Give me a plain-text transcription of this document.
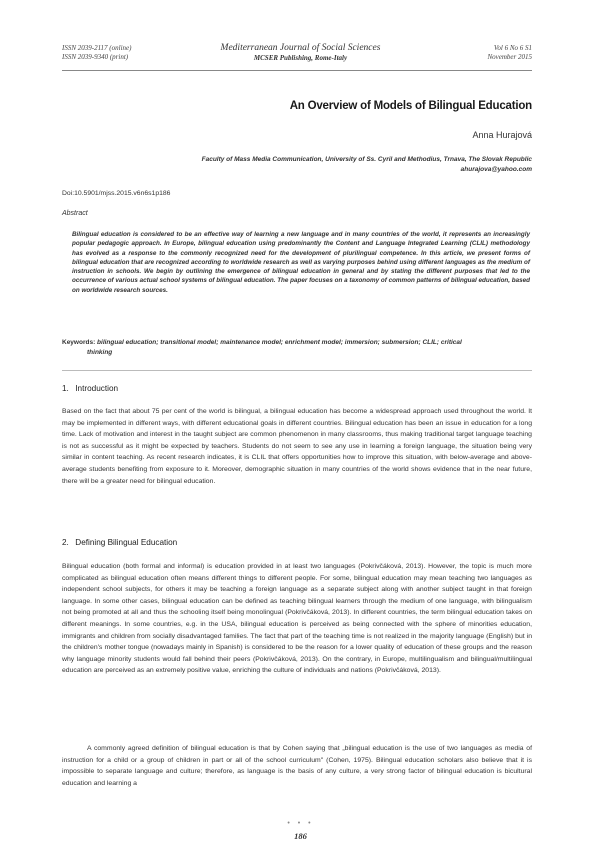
ISSN 2039-2117 (online)
ISSN 2039-9340 (print)
Mediterranean Journal of Social Sciences
MCSER Publishing, Rome-Italy
Vol 6 No 6 S1
November 2015
An Overview of Models of Bilingual Education
Anna Hurajová
Faculty of Mass Media Communication, University of Ss. Cyril and Methodius, Trnava, The Slovak Republic
ahurajova@yahoo.com
Doi:10.5901/mjss.2015.v6n6s1p186
Abstract
Bilingual education is considered to be an effective way of learning a new language and in many countries of the world, it represents an increasingly popular pedagogic approach. In Europe, bilingual education using predominantly the Content and Language Integrated Learning (CLIL) methodology has evolved as a response to the commonly recognized need for the development of plurilingual competence. In this article, we present forms of bilingual education that are recognized according to worldwide research as well as varying purposes behind using different languages as the medium of instruction in schools. We begin by outlining the emergence of bilingual education in general and by stating the different purposes that led to the occurrence of various actual school systems of bilingual education. The paper focuses on a taxonomy of common patterns of bilingual education, based on worldwide research sources.
Keywords: bilingual education; transitional model; maintenance model; enrichment model; immersion; submersion; CLIL; critical
thinking
1. Introduction
Based on the fact that about 75 per cent of the world is bilingual, a bilingual education has become a widespread approach used throughout the world. It may be implemented in different ways, with different educational goals in different countries. Bilingual education has been an issue in education for a long time. Lack of motivation and interest in the taught subject are common phenomenon in many classrooms, thus making traditional target language teaching is not as successful as it might be expected by teachers. Students do not seem to see any use in learning a foreign language, the situation being very similar in content teaching. As recent research indicates, it is CLIL that offers opportunities how to improve this situation, with below-average and above-average students benefiting from exposure to it. Moreover, demographic situation in many countries of the world shows evidence that in the near future, there will be a greater need for bilingual education.
2. Defining Bilingual Education
Bilingual education (both formal and informal) is education provided in at least two languages (Pokrivčáková, 2013). However, the topic is much more complicated as bilingual education often means different things to different people. For some, bilingual education may mean teaching two languages as independent school subjects, for others it may be teaching a foreign language as a separate subject along with another subject taught in that foreign language. In some other cases, bilingual education can be defined as teaching bilingual learners through the medium of one language, with bilingualism not being promoted at all and thus the schooling itself being monolingual (Pokrivčáková, 2013). In different countries, the term bilingual education takes on different meanings. In some countries, e.g. in the USA, bilingual education is perceived as being connected with the sphere of minorities education, immigrants and children from socially disadvantaged families. The fact that part of the teaching time is not realized in the majority language (English) but in the children's mother tongue (nowadays mainly in Spanish) is considered to be the reason for a lower quality of education of these groups and the reason why language minority students would fall behind their peers (Pokrivčáková, 2013). On the contrary, in Europe, multilingualism and bilingual/multilingual education are perceived as an extremely positive value, enriching the culture of individuals and nations (Pokrivčáková, 2013).
A commonly agreed definition of bilingual education is that by Cohen saying that „bilingual education is the use of two languages as media of instruction for a child or a group of children in part or all of the school curriculum" (Cohen, 1975). Bilingual education scholars also believe that it is impossible to separate language and culture; therefore, as language is the basis of any culture, a very strong factor of bilingual education is bicultural education and learning a
• • •
186
